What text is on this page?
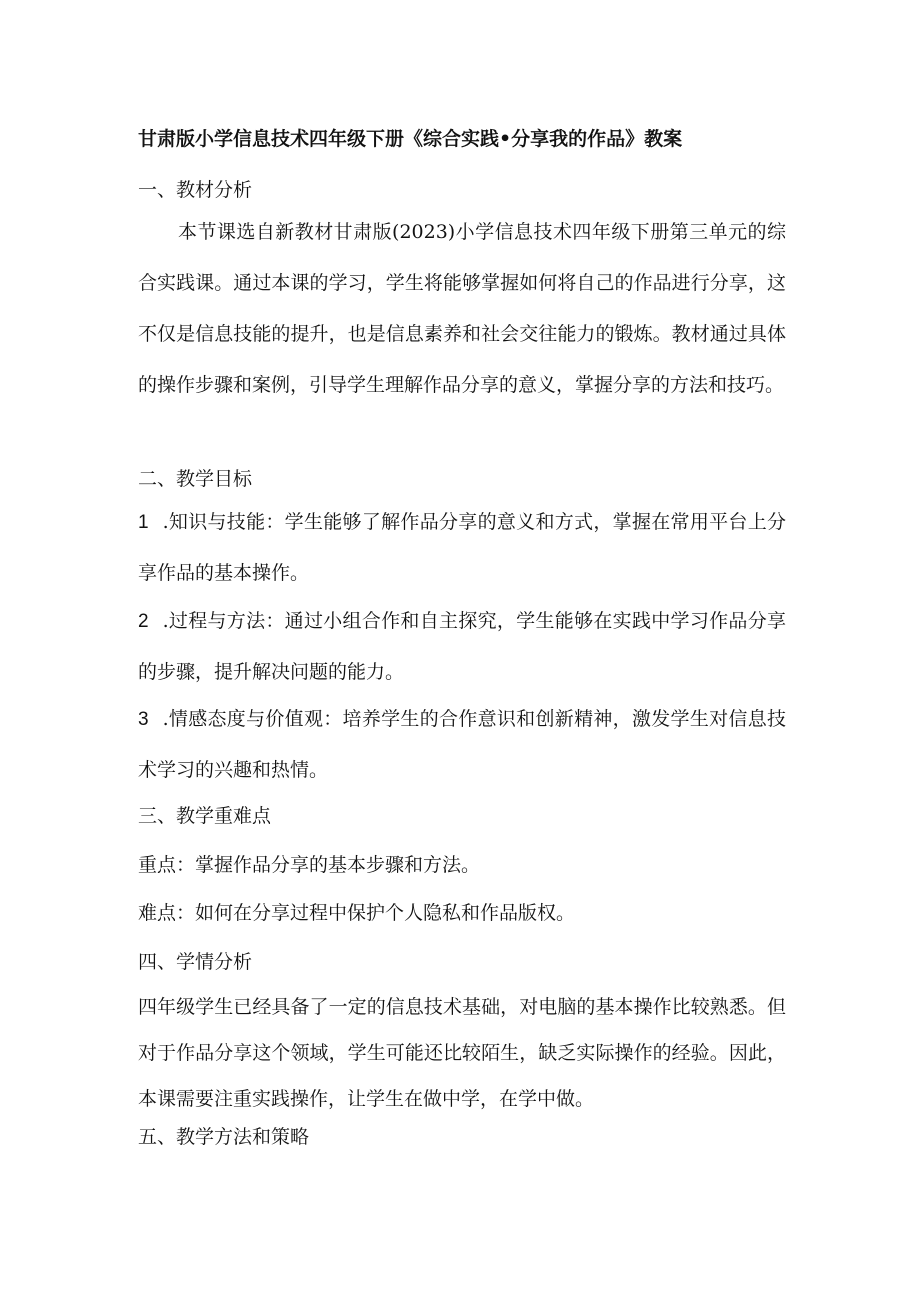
甘肃版小学信息技术四年级下册《综合实践•分享我的作品》教案
一、教材分析
本节课选自新教材甘肃版(2023)小学信息技术四年级下册第三单元的综合实践课。通过本课的学习，学生将能够掌握如何将自己的作品进行分享，这不仅是信息技能的提升，也是信息素养和社会交往能力的锻炼。教材通过具体的操作步骤和案例，引导学生理解作品分享的意义，掌握分享的方法和技巧。
二、教学目标
1 .知识与技能：学生能够了解作品分享的意义和方式，掌握在常用平台上分享作品的基本操作。
2 .过程与方法：通过小组合作和自主探究，学生能够在实践中学习作品分享的步骤，提升解决问题的能力。
3 .情感态度与价值观：培养学生的合作意识和创新精神，激发学生对信息技术学习的兴趣和热情。
三、教学重难点
重点：掌握作品分享的基本步骤和方法。
难点：如何在分享过程中保护个人隐私和作品版权。
四、学情分析
四年级学生已经具备了一定的信息技术基础，对电脑的基本操作比较熟悉。但对于作品分享这个领域，学生可能还比较陌生，缺乏实际操作的经验。因此，本课需要注重实践操作，让学生在做中学，在学中做。
五、教学方法和策略
